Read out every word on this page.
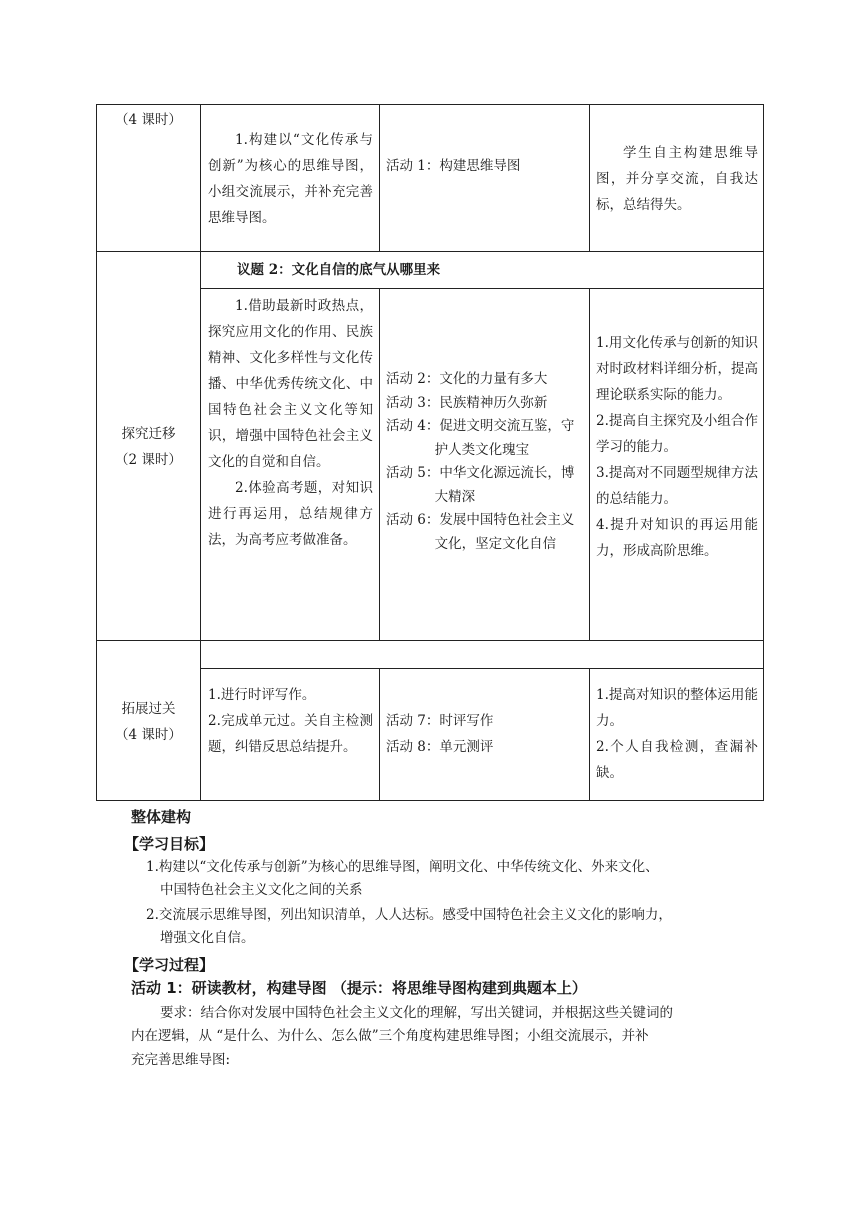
（4 课时）

1.构建以“文化传承与创新”为核心的思维导图，小组交流展示，并补充完善思维导图。

活动 1：构建思维导图

学生自主构建思维导图，并分享交流，自我达标，总结得失。

议题 2：文化自信的底气从哪里来

探究迁移

（2 课时）

1.借助最新时政热点，探究应用文化的作用、民族精神、文化多样性与文化传播、中华优秀传统文化、中国特色社会主义文化等知识，增强中国特色社会主义文化的自觉和自信。

2.体验高考题，对知识进行再运用，总结规律方法，为高考应考做准备。

活动 2：文化的力量有多大

活动 3：民族精神历久弥新

活动 4：促进文明交流互鉴，守护人类文化瑰宝

活动 5：中华文化源远流长，博大精深

活动 6：发展中国特色社会主义文化，坚定文化自信

1.用文化传承与创新的知识对时政材料详细分析，提高理论联系实际的能力。

2.提高自主探究及小组合作学习的能力。

3.提高对不同题型规律方法的总结能力。

4.提升对知识的再运用能力，形成高阶思维。

拓展过关

（4 课时）

1.进行时评写作。

2.完成单元过。关自主检测题，纠错反思总结提升。

活动 7：时评写作

活动 8：单元测评

1.提高对知识的整体运用能力。

2.个人自我检测，查漏补缺。

整体建构
【学习目标】
1.构建以“文化传承与创新”为核心的思维导图，阐明文化、中华传统文化、外来文化、
中国特色社会主义文化之间的关系
2.交流展示思维导图，列出知识清单，人人达标。感受中国特色社会主义文化的影响力，
增强文化自信。
【学习过程】
活动 1：研读教材，构建导图 （提示：将思维导图构建到典题本上）
要求：结合你对发展中国特色社会主义文化的理解，写出关键词，并根据这些关键词的
内在逻辑，从 “是什么、为什么、怎么做”三个角度构建思维导图；小组交流展示，并补
充完善思维导图:
